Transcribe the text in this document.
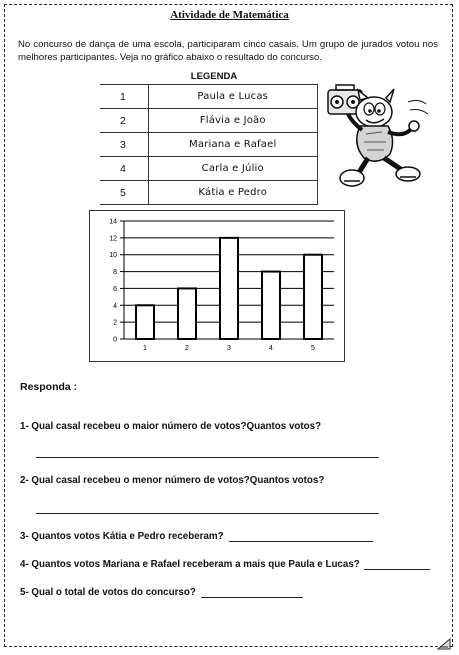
Atividade de Matemática

No concurso de dança de uma escola, participaram cinco casais. Um grupo de jurados votou nos melhores participantes. Veja no gráfico abaixo o resultado do concurso.

LEGENDA
1	Paula e Lucas
2	Flávia e João
3	Mariana e Rafael
4	Carla e Júlio
5	Kátia e Pedro
0
2
4
6
8
10
12
14
1	2	3	4	5
Responda :
1- Qual casal recebeu o maior número de votos?Quantos votos?
2- Qual casal recebeu o menor número de votos?Quantos votos?
3- Quantos votos Kátia e Pedro receberam?
4- Quantos votos Mariana e Rafael receberam a mais que Paula e Lucas?
5- Qual o total de votos do concurso?
